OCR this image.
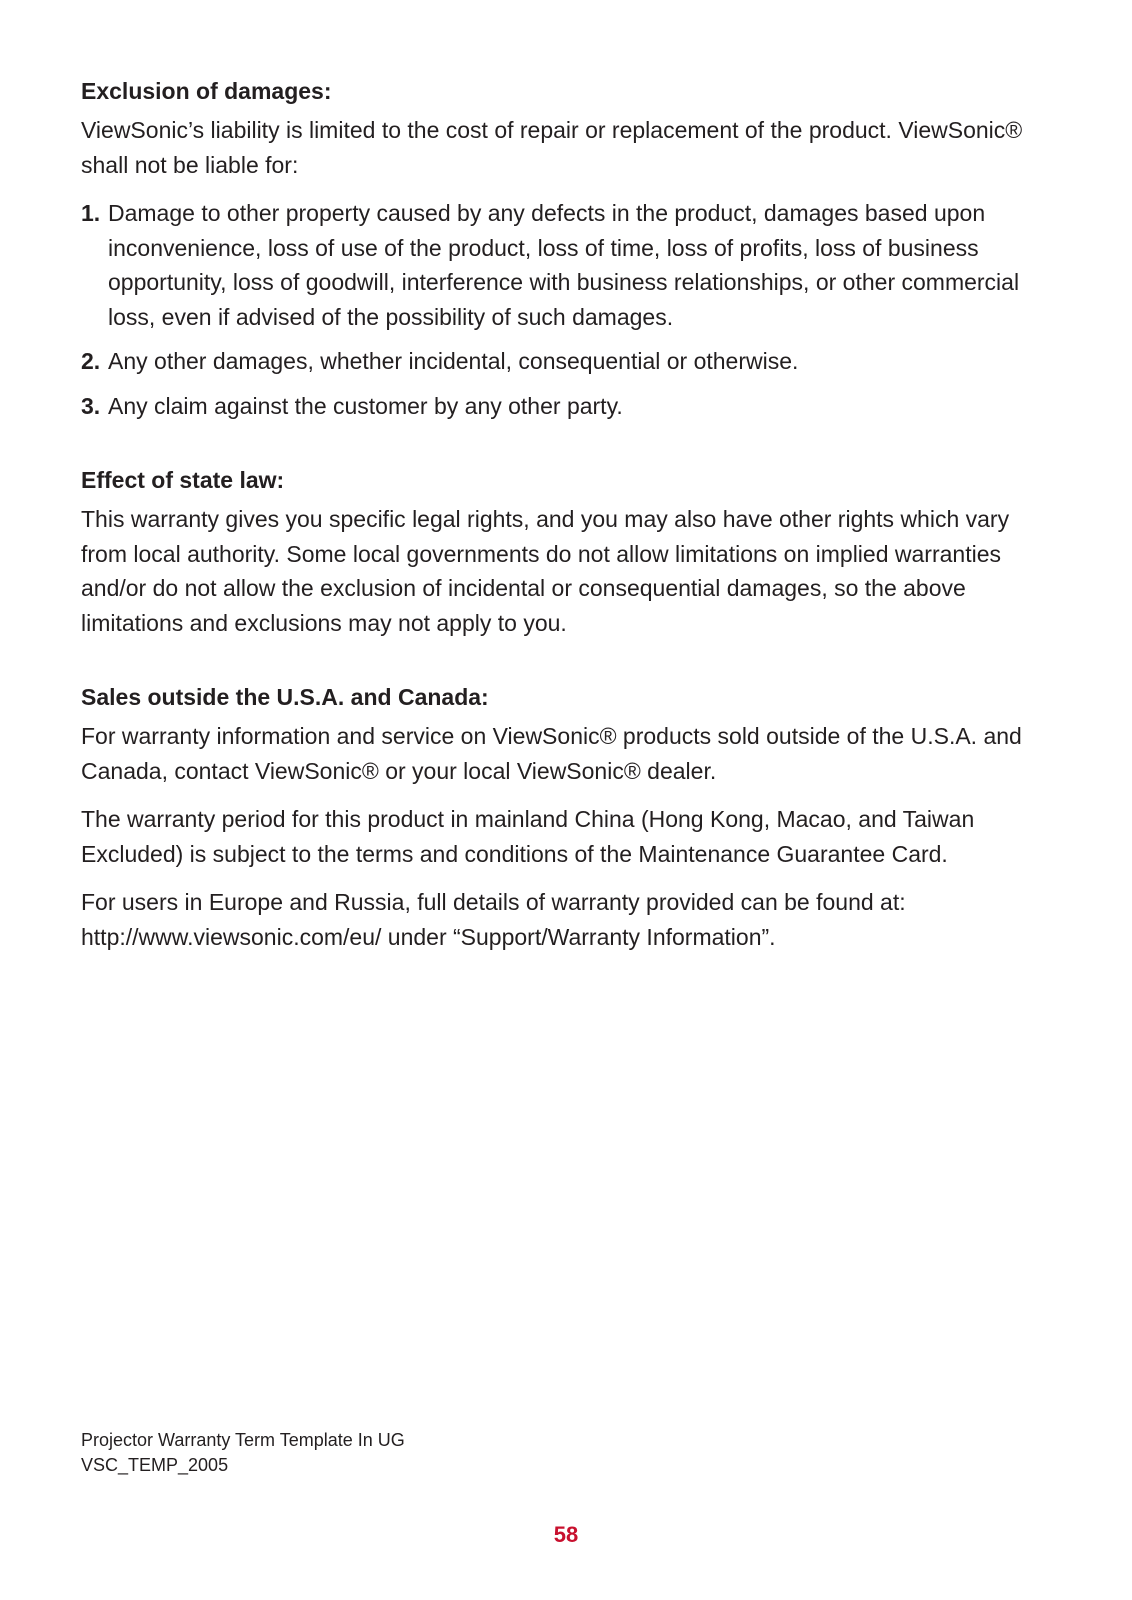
Exclusion of damages:
ViewSonic’s liability is limited to the cost of repair or replacement of the product. ViewSonic® shall not be liable for:
1. Damage to other property caused by any defects in the product, damages based upon inconvenience, loss of use of the product, loss of time, loss of profits, loss of business opportunity, loss of goodwill, interference with business relationships, or other commercial loss, even if advised of the possibility of such damages.
2. Any other damages, whether incidental, consequential or otherwise.
3. Any claim against the customer by any other party.
Effect of state law:
This warranty gives you specific legal rights, and you may also have other rights which vary from local authority. Some local governments do not allow limitations on implied warranties and/or do not allow the exclusion of incidental or consequential damages, so the above limitations and exclusions may not apply to you.
Sales outside the U.S.A. and Canada:
For warranty information and service on ViewSonic® products sold outside of the U.S.A. and Canada, contact ViewSonic® or your local ViewSonic® dealer.
The warranty period for this product in mainland China (Hong Kong, Macao, and Taiwan Excluded) is subject to the terms and conditions of the Maintenance Guarantee Card.
For users in Europe and Russia, full details of warranty provided can be found at: http://www.viewsonic.com/eu/ under “Support/Warranty Information”.
Projector Warranty Term Template In UG
VSC_TEMP_2005
58
